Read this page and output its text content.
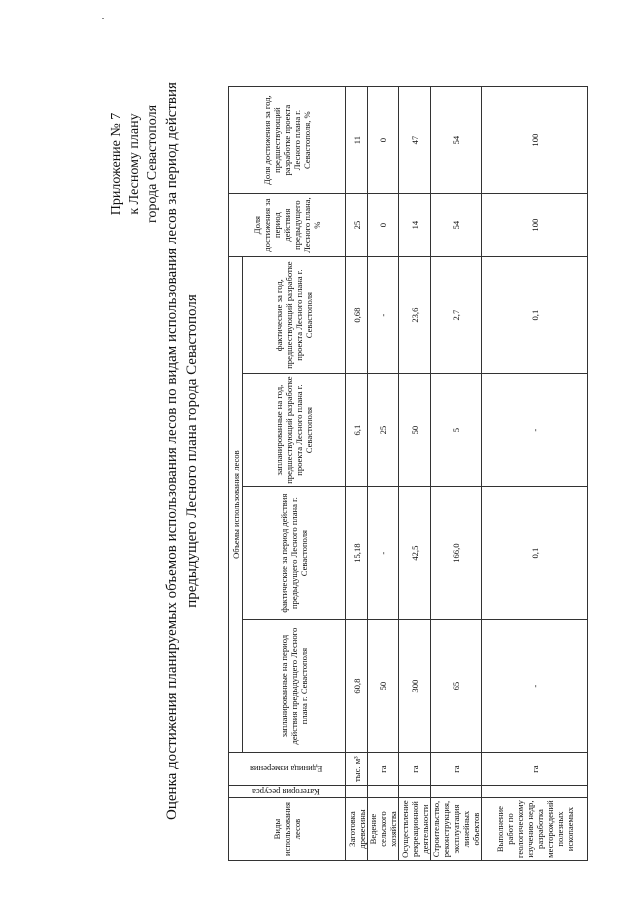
Приложение № 7 к Лесному плану города Севастополя Оценка достижения планируемых объемов использования лесов по видам использования лесов за период действия предыдущего Лесного плана города Севастополя
Виды использования лесов	Категория ресурса	Единица измерения	Объемы использования лесов				Доля достижения за период действия предыдущего Лесного плана, %	Доля достижения за год, предшествующий разработке проекта Лесного плана г. Севастополя, %
			запланированные на период действия предыдущего Лесного плана г. Севастополя	фактические за период действия предыдущего Лесного плана г. Севастополя	запланированные на год, предшествующий разработке проекта Лесного плана г. Севастополя	фактические за год, предшествующий разработке проекта Лесного плана г. Севастополя		
Заготовка древесины		тыс. м³	60,8	15,18	6,1	0,68	25	11
Ведение сельского хозяйства		га	50	-	25	-	0	0
Осуществление рекреационной деятельности		га	300	42,5	50	23,6	14	47
Строительство, реконструкция, эксплуатация линейных объектов		га	65	166,0	5	2,7	54	54
Выполнение работ по геологическому изучению недр, разработка месторождений полезных ископаемых		га	-	0,1	-	0,1	100	100
